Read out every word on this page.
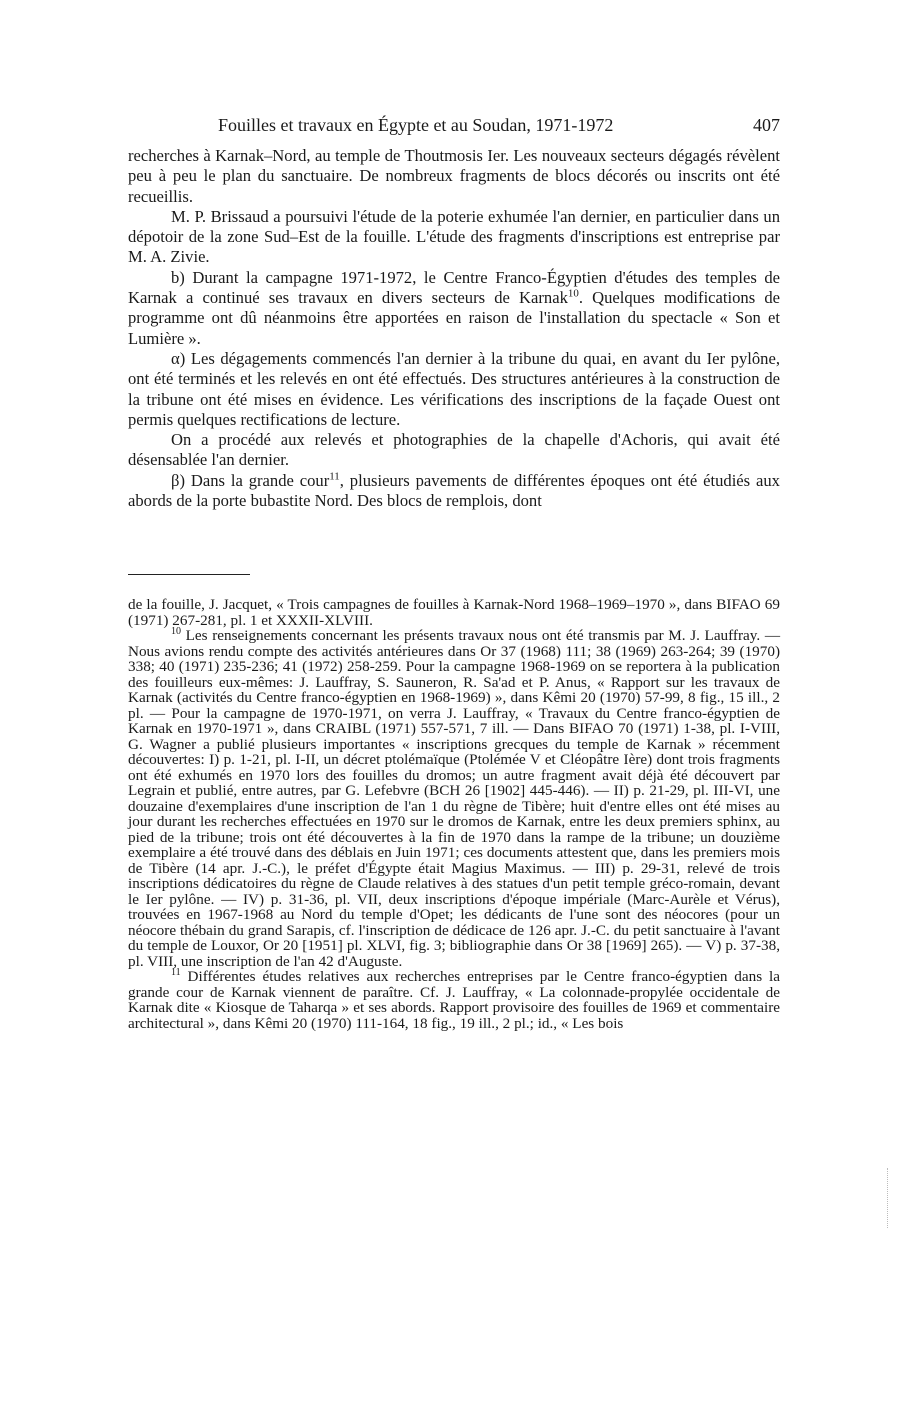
Fouilles et travaux en Égypte et au Soudan, 1971-1972	407

recherches à Karnak–Nord, au temple de Thoutmosis Ier. Les nouveaux secteurs dégagés révèlent peu à peu le plan du sanctuaire. De nombreux fragments de blocs décorés ou inscrits ont été recueillis.

M. P. Brissaud a poursuivi l'étude de la poterie exhumée l'an dernier, en particulier dans un dépotoir de la zone Sud–Est de la fouille. L'étude des fragments d'inscriptions est entreprise par M. A. Zivie.

b) Durant la campagne 1971-1972, le Centre Franco-Égyptien d'études des temples de Karnak a continué ses travaux en divers secteurs de Karnak$^{10}$. Quelques modifications de programme ont dû néanmoins être apportées en raison de l'installation du spectacle « Son et Lumière ».

α) Les dégagements commencés l'an dernier à la tribune du quai, en avant du Ier pylône, ont été terminés et les relevés en ont été effectués. Des structures antérieures à la construction de la tribune ont été mises en évidence. Les vérifications des inscriptions de la façade Ouest ont permis quelques rectifications de lecture.

On a procédé aux relevés et photographies de la chapelle d'Achoris, qui avait été désensablée l'an dernier.

β) Dans la grande cour$^{11}$, plusieurs pavements de différentes époques ont été étudiés aux abords de la porte bubastite Nord. Des blocs de remplois, dont

de la fouille, J. Jacquet, « Trois campagnes de fouilles à Karnak-Nord 1968–1969–1970 », dans BIFAO 69 (1971) 267-281, pl. 1 et XXXII-XLVIII.

$^{10}$ Les renseignements concernant les présents travaux nous ont été transmis par M. J. Lauffray. — Nous avions rendu compte des activités antérieures dans Or 37 (1968) 111; 38 (1969) 263-264; 39 (1970) 338; 40 (1971) 235-236; 41 (1972) 258-259. Pour la campagne 1968-1969 on se reportera à la publication des fouilleurs eux-mêmes: J. Lauffray, S. Sauneron, R. Sa'ad et P. Anus, « Rapport sur les travaux de Karnak (activités du Centre franco-égyptien en 1968-1969) », dans Kêmi 20 (1970) 57-99, 8 fig., 15 ill., 2 pl. — Pour la campagne de 1970-1971, on verra J. Lauffray, « Travaux du Centre franco-égyptien de Karnak en 1970-1971 », dans CRAIBL (1971) 557-571, 7 ill. — Dans BIFAO 70 (1971) 1-38, pl. I-VIII, G. Wagner a publié plusieurs importantes « inscriptions grecques du temple de Karnak » récemment découvertes: I) p. 1-21, pl. I-II, un décret ptolémaïque (Ptolémée V et Cléopâtre Ière) dont trois fragments ont été exhumés en 1970 lors des fouilles du dromos; un autre fragment avait déjà été découvert par Legrain et publié, entre autres, par G. Lefebvre (BCH 26 [1902] 445-446). — II) p. 21-29, pl. III-VI, une douzaine d'exemplaires d'une inscription de l'an 1 du règne de Tibère; huit d'entre elles ont été mises au jour durant les recherches effectuées en 1970 sur le dromos de Karnak, entre les deux premiers sphinx, au pied de la tribune; trois ont été découvertes à la fin de 1970 dans la rampe de la tribune; un douzième exemplaire a été trouvé dans des déblais en Juin 1971; ces documents attestent que, dans les premiers mois de Tibère (14 apr. J.-C.), le préfet d'Égypte était Magius Maximus. — III) p. 29-31, relevé de trois inscriptions dédicatoires du règne de Claude relatives à des statues d'un petit temple gréco-romain, devant le Ier pylône. — IV) p. 31-36, pl. VII, deux inscriptions d'époque impériale (Marc-Aurèle et Vérus), trouvées en 1967-1968 au Nord du temple d'Opet; les dédicants de l'une sont des néocores (pour un néocore thébain du grand Sarapis, cf. l'inscription de dédicace de 126 apr. J.-C. du petit sanctuaire à l'avant du temple de Louxor, Or 20 [1951] pl. XLVI, fig. 3; bibliographie dans Or 38 [1969] 265). — V) p. 37-38, pl. VIII, une inscription de l'an 42 d'Auguste.

$^{11}$ Différentes études relatives aux recherches entreprises par le Centre franco-égyptien dans la grande cour de Karnak viennent de paraître. Cf. J. Lauffray, « La colonnade-propylée occidentale de Karnak dite « Kiosque de Taharqa » et ses abords. Rapport provisoire des fouilles de 1969 et commentaire architectural », dans Kêmi 20 (1970) 111-164, 18 fig., 19 ill., 2 pl.; id., « Les bois
